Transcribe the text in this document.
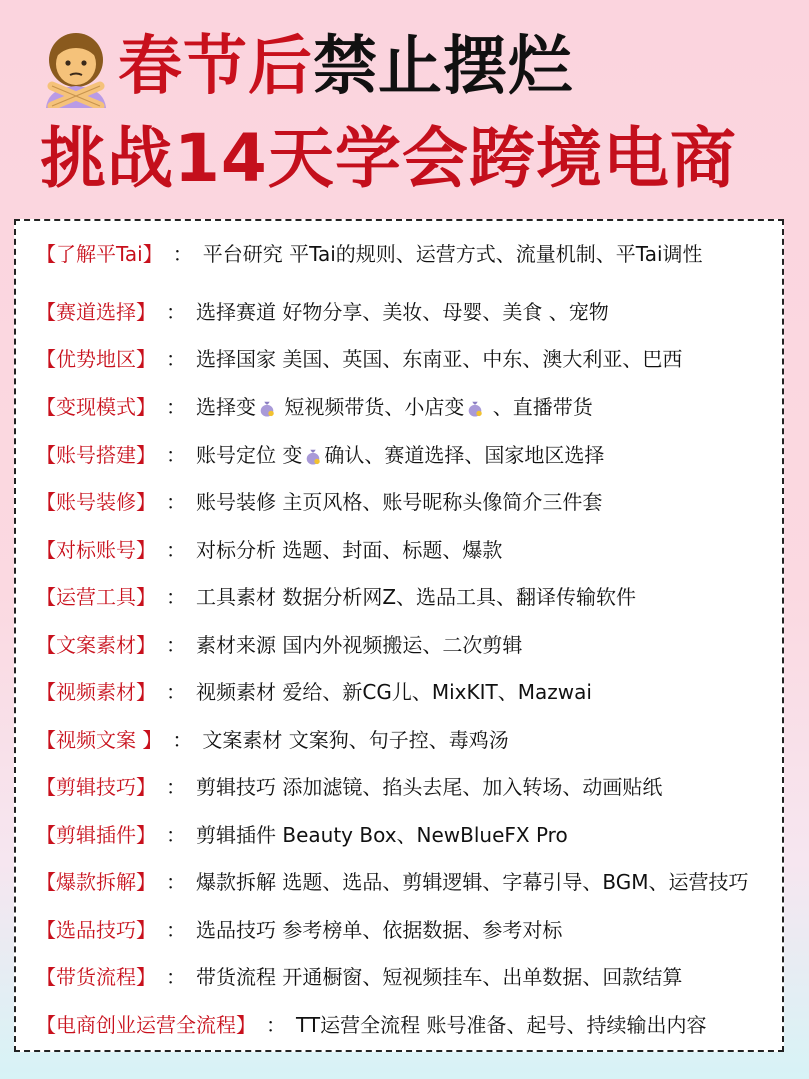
春节后禁止摆烂
挑战14天学会跨境电商
【了解平Tai】 ： 平台研究 平Tai的规则、运营方式、流量机制、平Tai调性
【赛道选择】 ： 选择赛道 好物分享、美妆、母婴、美食 、宠物
【优势地区】 ： 选择国家 美国、英国、东南亚、中东、澳大利亚、巴西
【变现模式】 ： 选择变 短视频带货、小店变 、直播带货
【账号搭建】 ： 账号定位 变 确认、赛道选择、国家地区选择
【账号装修】 ： 账号装修 主页风格、账号昵称头像简介三件套
【对标账号】 ： 对标分析 选题、封面、标题、爆款
【运营工具】 ： 工具素材 数据分析网Z、选品工具、翻译传输软件
【文案素材】 ： 素材来源 国内外视频搬运、二次剪辑
【视频素材】 ： 视频素材 爱给、新CG儿、MixKIT、Mazwai
【视频文案 】 ： 文案素材 文案狗、句子控、毒鸡汤
【剪辑技巧】 ： 剪辑技巧 添加滤镜、掐头去尾、加入转场、动画贴纸
【剪辑插件】 ： 剪辑插件 Beauty Box、NewBlueFX Pro
【爆款拆解】 ： 爆款拆解 选题、选品、剪辑逻辑、字幕引导、BGM、运营技巧
【选品技巧】 ： 选品技巧 参考榜单、依据数据、参考对标
【带货流程】 ： 带货流程 开通橱窗、短视频挂车、出单数据、回款结算
【电商创业运营全流程】 ： TT运营全流程 账号准备、起号、持续输出内容
